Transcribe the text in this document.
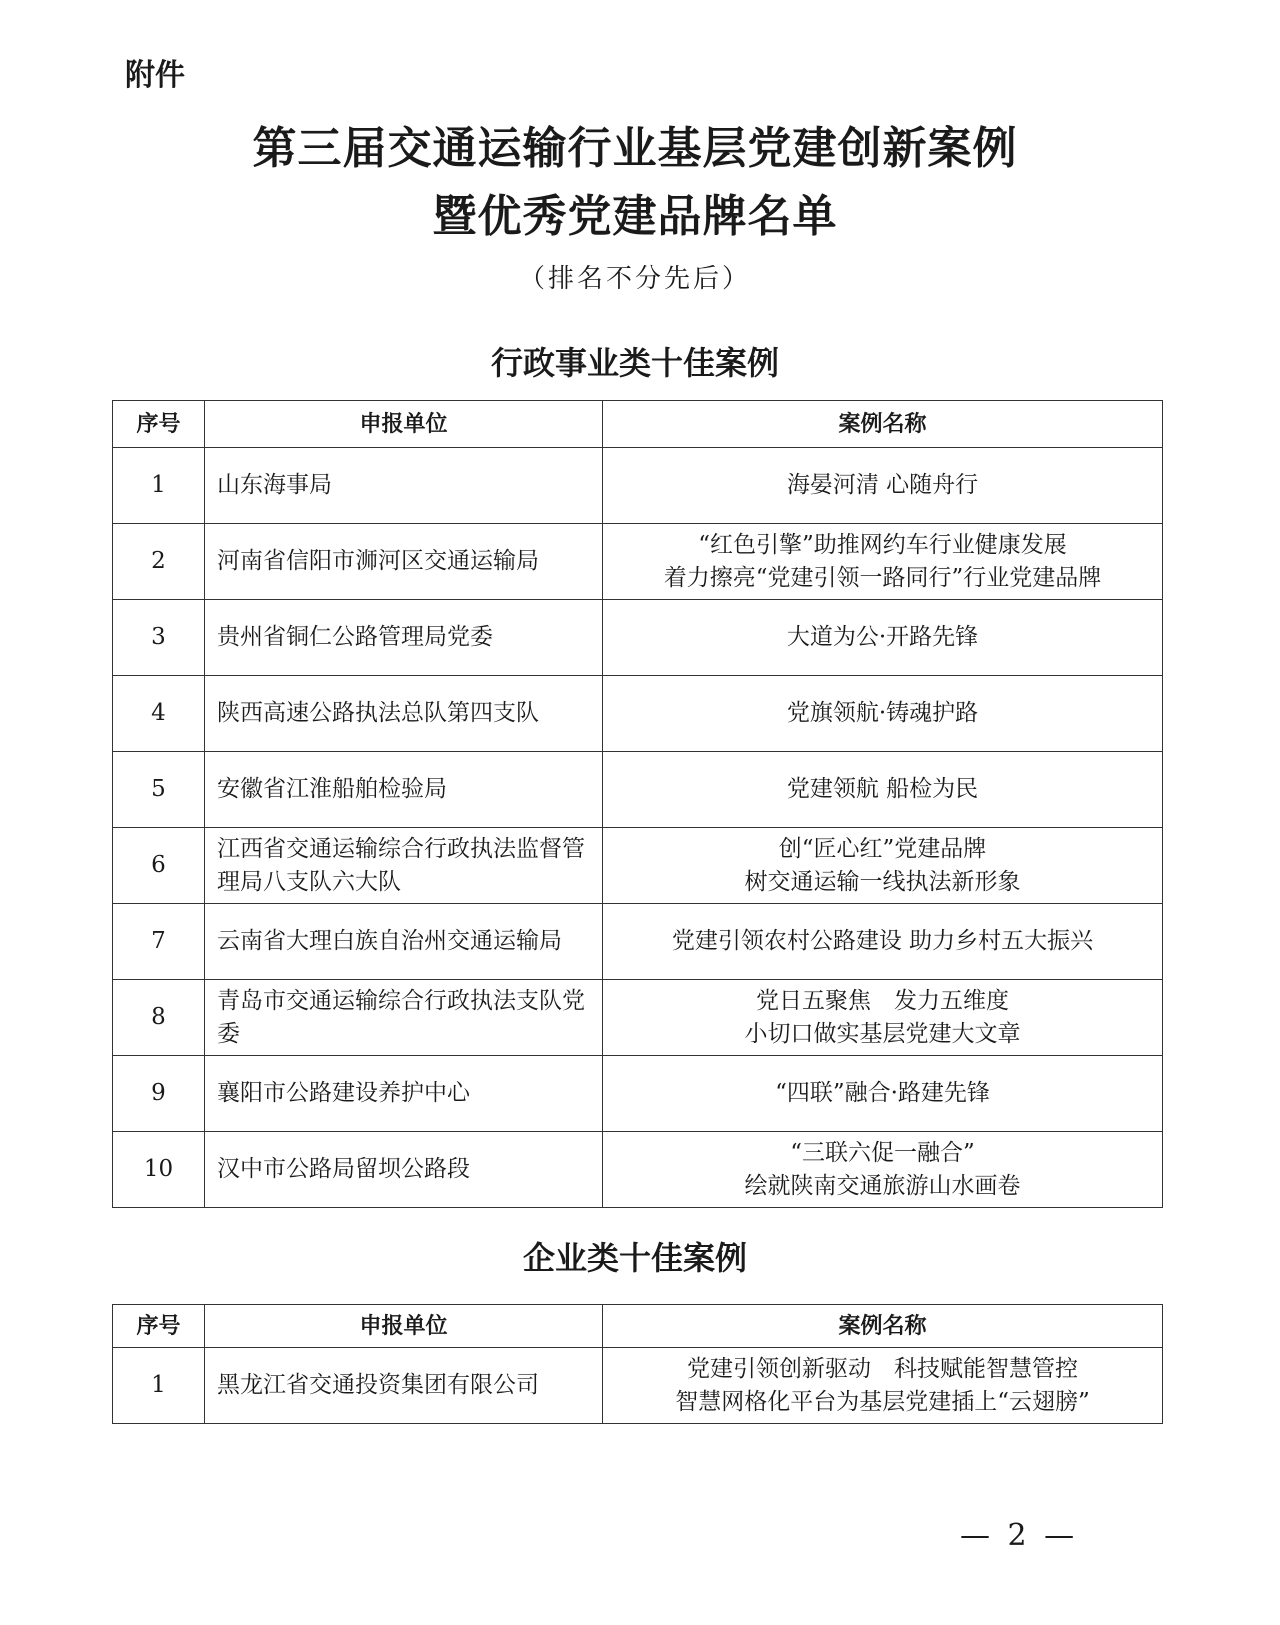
附件
第三届交通运输行业基层党建创新案例
暨优秀党建品牌名单
（排名不分先后）
行政事业类十佳案例
序号	申报单位	案例名称
1	山东海事局	海晏河清 心随舟行

2	河南省信阳市浉河区交通运输局	“红色引擎”助推网约车行业健康发展
着力擦亮“党建引领一路同行”行业党建品牌

3	贵州省铜仁公路管理局党委	大道为公·开路先锋

4	陕西高速公路执法总队第四支队	党旗领航·铸魂护路

5	安徽省江淮船舶检验局	党建领航 船检为民

6	江西省交通运输综合行政执法监督管理局八支队六大队	创“匠心红”党建品牌
树交通运输一线执法新形象

7	云南省大理白族自治州交通运输局	党建引领农村公路建设 助力乡村五大振兴

8	青岛市交通运输综合行政执法支队党委	党日五聚焦　发力五维度
小切口做实基层党建大文章

9	襄阳市公路建设养护中心	“四联”融合·路建先锋

10	汉中市公路局留坝公路段	“三联六促一融合”
绘就陕南交通旅游山水画卷
企业类十佳案例
序号	申报单位	案例名称
1	黑龙江省交通投资集团有限公司	党建引领创新驱动　科技赋能智慧管控
智慧网格化平台为基层党建插上“云翅膀”
— 2 —
